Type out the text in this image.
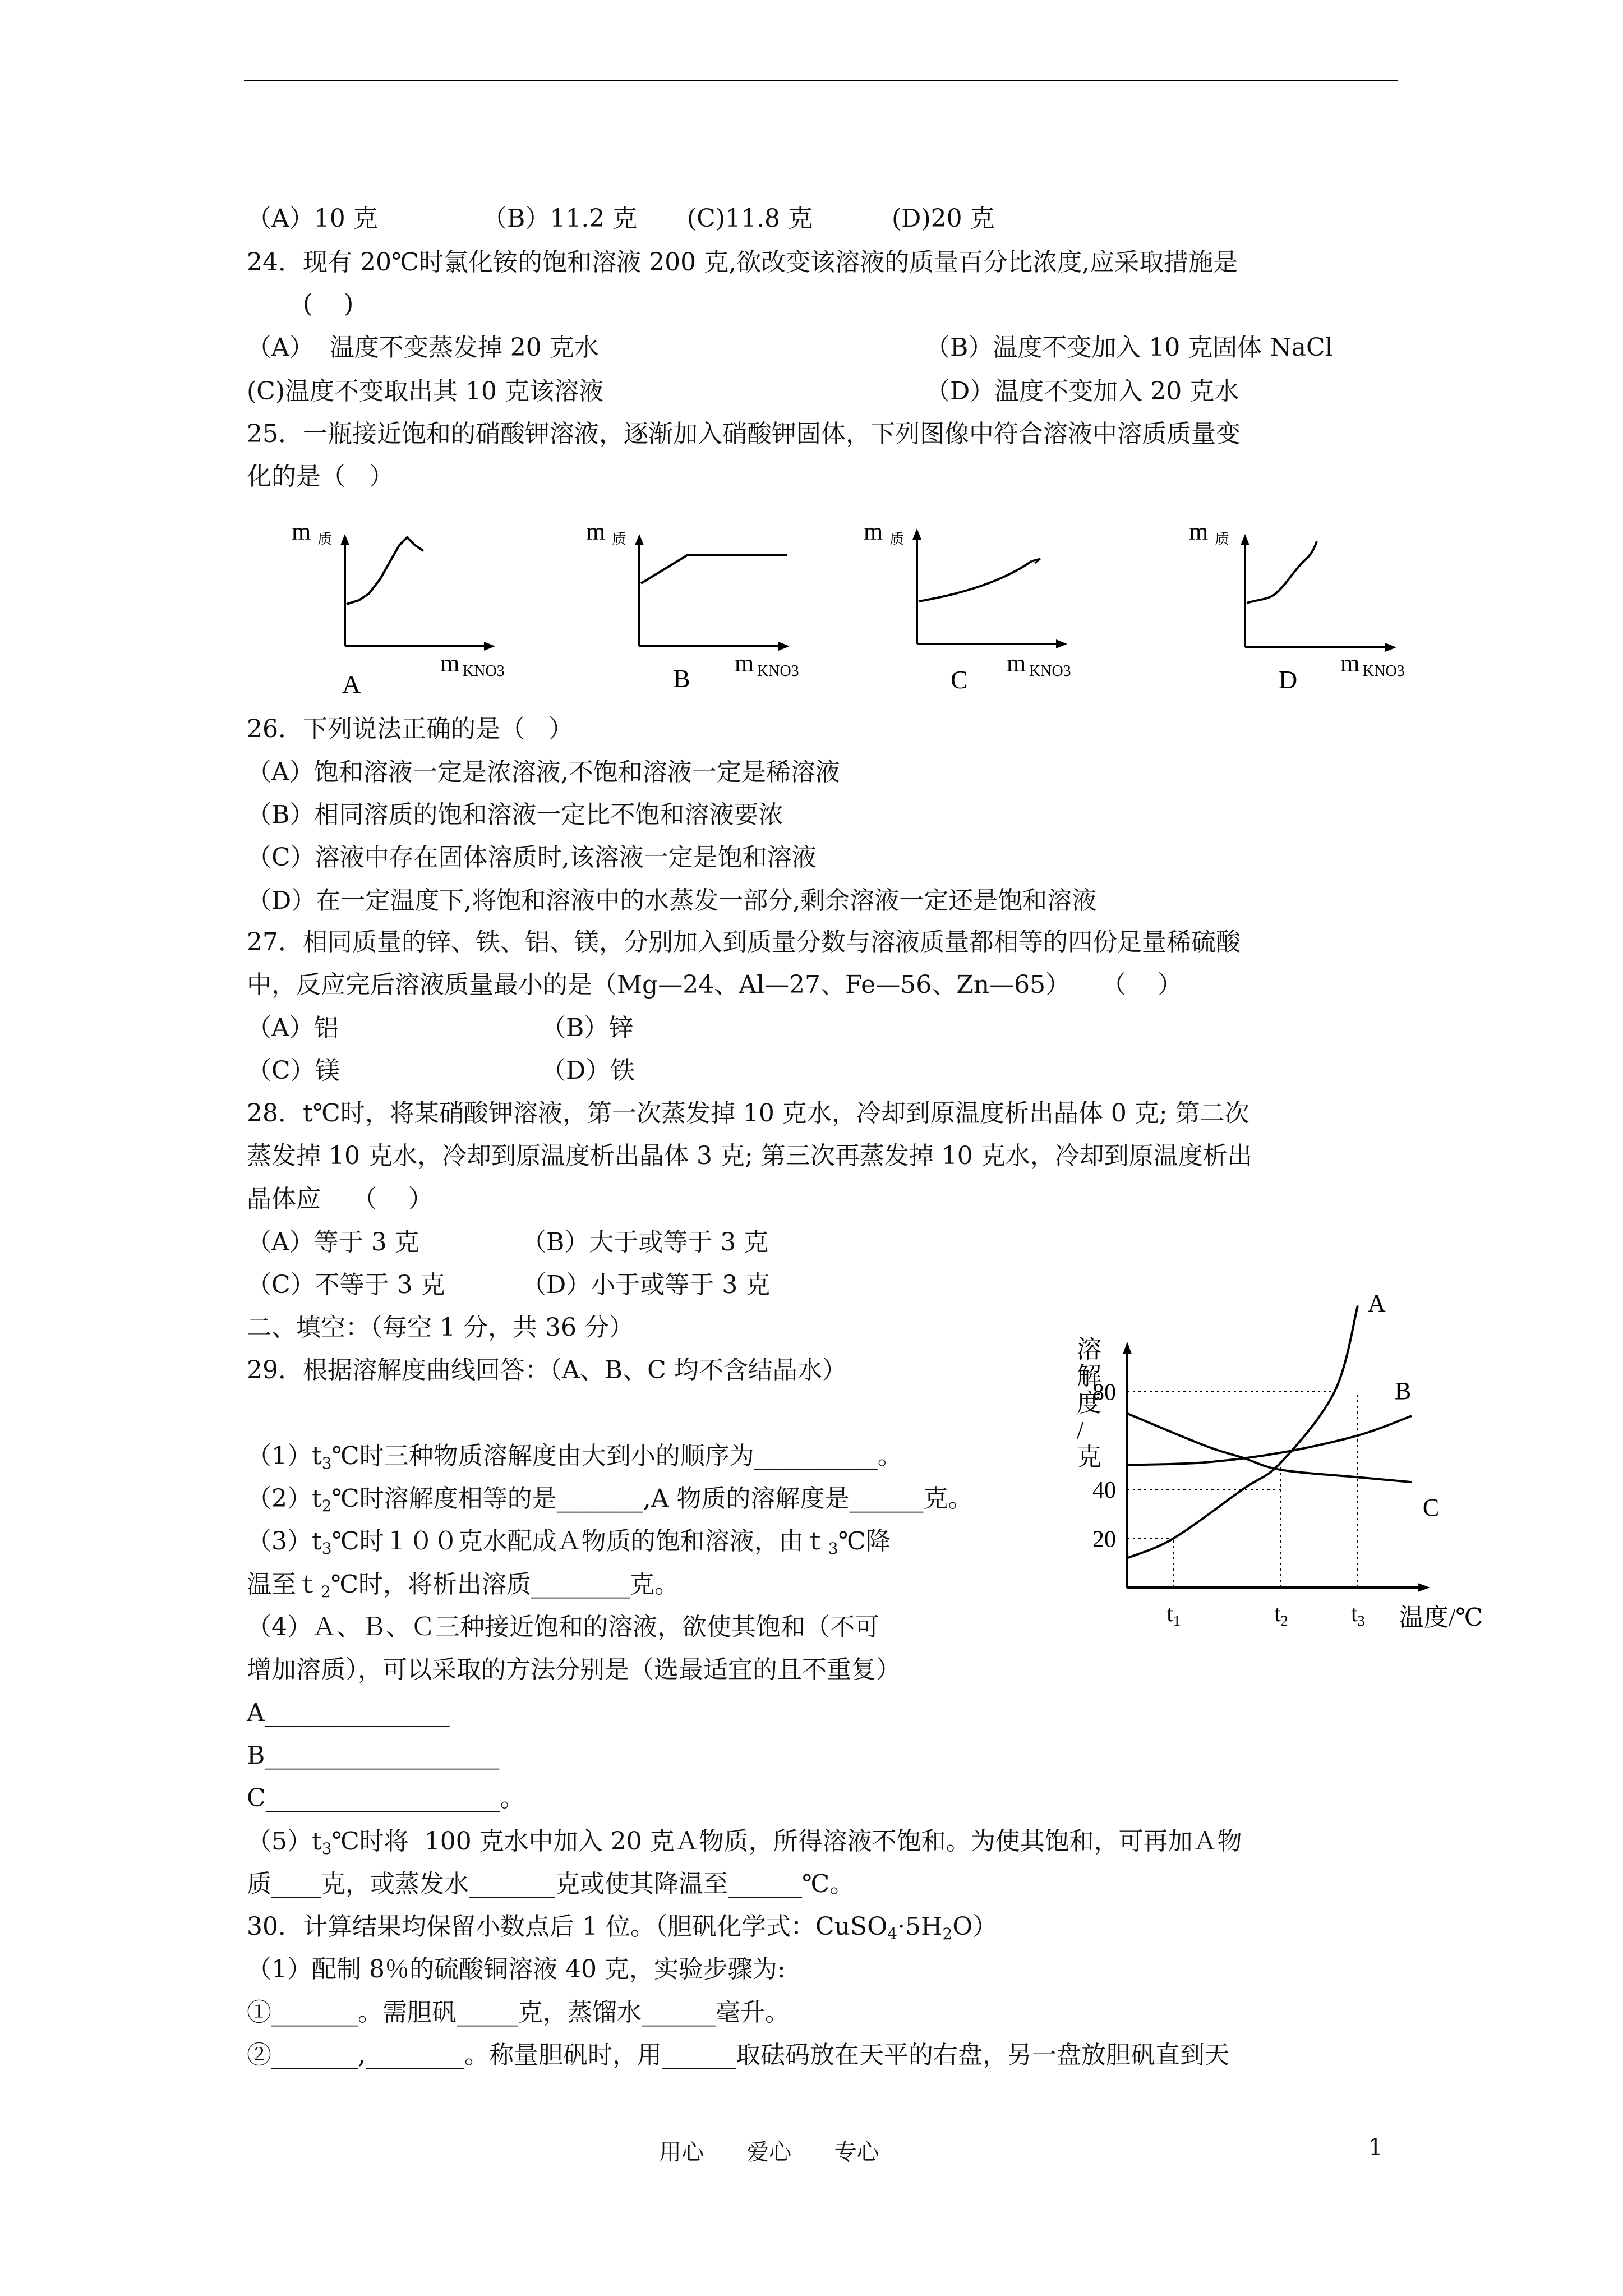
（A）10 克	（B）11.2 克 (C)11.8 克	(D)20 克
24．现有 20℃时氯化铵的饱和溶液 200 克,欲改变该溶液的质量百分比浓度,应采取措施是
(    )
（A）  温度不变蒸发掉 20 克水	（B）温度不变加入 10 克固体 NaCl
(C)温度不变取出其 10 克该溶液	（D）温度不变加入 20 克水
25．一瓶接近饱和的硝酸钾溶液，逐渐加入硝酸钾固体，下列图像中符合溶液中溶质质量变
化的是（   ）
m 质
m KNO3
A
m 质
m KNO3
B
m 质
m KNO3
C
m 质
m KNO3
D
26．下列说法正确的是（   ）
（A）饱和溶液一定是浓溶液,不饱和溶液一定是稀溶液
（B）相同溶质的饱和溶液一定比不饱和溶液要浓
（C）溶液中存在固体溶质时,该溶液一定是饱和溶液
（D）在一定温度下,将饱和溶液中的水蒸发一部分,剩余溶液一定还是饱和溶液
27．相同质量的锌、铁、铝、镁，分别加入到质量分数与溶液质量都相等的四份足量稀硫酸
中，反应完后溶液质量最小的是（Mg—24、Al—27、Fe—56、Zn—65）    （    ）
（A）铝	（B）锌
（C）镁	（D）铁
28．t℃时，将某硝酸钾溶液，第一次蒸发掉 10 克水，冷却到原温度析出晶体 0 克; 第二次
蒸发掉 10 克水，冷却到原温度析出晶体 3 克; 第三次再蒸发掉 10 克水，冷却到原温度析出
晶体应    （    ）
（A）等于 3 克	（B）大于或等于 3 克
（C）不等于 3 克	（D）小于或等于 3 克
二、填空：（每空 1 分，共 36 分）
29．根据溶解度曲线回答：（A、B、C 均不含结晶水）
$(1)t_3℃$时三种物质溶解度由大到小的顺序为__________。
$(2)t_2℃$时溶解度相等的是_______,A 物质的溶解度是______克。
$(3)t_3℃$时１００克水配成Ａ物质的饱和溶液，由ｔ$_3$℃降
温至ｔ$_2$℃时，将析出溶质________克。
（4）Ａ、Ｂ、Ｃ三种接近饱和的溶液，欲使其饱和（不可
增加溶质），可以采取的方法分别是（选最适宜的且不重复）
A_______________
B___________________
C___________________。
$(5)t_3℃$时将  100 克水中加入 20 克Ａ物质，所得溶液不饱和。为使其饱和，可再加Ａ物
质____克，或蒸发水_______克或使其降温至______℃。
30．计算结果均保留小数点后 1 位。（胆矾化学式：$CuSO_4\cdot 5H_2O$）
（1）配制 8％的硫酸铜溶液 40 克，实验步骤为:
①_______。需胆矾_____克，蒸馏水______毫升。
②_______,________。称量胆矾时，用______取砝码放在天平的右盘，另一盘放胆矾直到天
溶解度/克
温度/℃
20
40
80
t1	t2	t3
A
B
C
用心      爱心      专心	1
